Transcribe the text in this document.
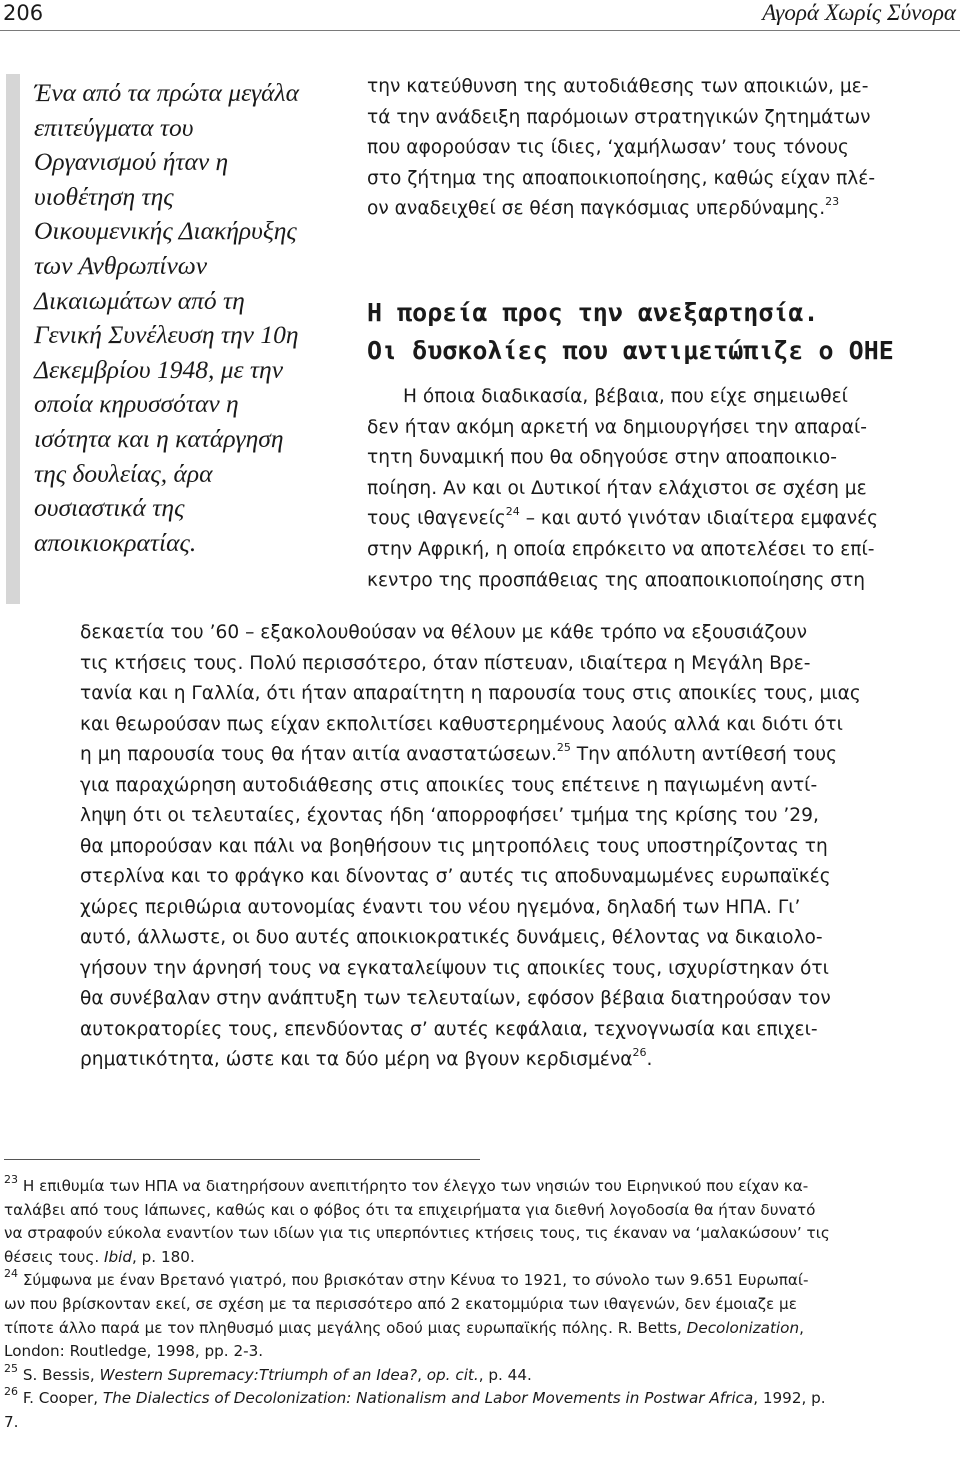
206	Αγορά Χωρίς Σύνορα
Ένα από τα πρώτα μεγάλα
επιτεύγματα του
Οργανισμού ήταν η
υιοθέτηση της
Οικουμενικής Διακήρυξης
των Ανθρωπίνων
Δικαιωμάτων από τη
Γενική Συνέλευση την 10η
Δεκεμβρίου 1948, με την
οποία κηρυσσόταν η
ισότητα και η κατάργηση
της δουλείας, άρα
ουσιαστικά της
αποικιοκρατίας.
την κατεύθυνση της αυτοδιάθεσης των αποικιών, με-
τά την ανάδειξη παρόμοιων στρατηγικών ζητημάτων
που αφορούσαν τις ίδιες, ‘χαμήλωσαν’ τους τόνους
στο ζήτημα της αποαποικιοποίησης, καθώς είχαν πλέ-
ον αναδειχθεί σε θέση παγκόσμιας υπερδύναμης.$^{23}$
Η πορεία προς την ανεξαρτησία.
Οι δυσκολίες που αντιμετώπιζε ο ΟΗΕ
Η όποια διαδικασία, βέβαια, που είχε σημειωθεί
δεν ήταν ακόμη αρκετή να δημιουργήσει την απαραί-
τητη δυναμική που θα οδηγούσε στην αποαποικιο-
ποίηση. Αν και οι Δυτικοί ήταν ελάχιστοι σε σχέση με
τους ιθαγενείς$^{24}$ – και αυτό γινόταν ιδιαίτερα εμφανές
στην Αφρική, η οποία επρόκειτο να αποτελέσει το επί-
κεντρο της προσπάθειας της αποαποικιοποίησης στη
δεκαετία του ’60 – εξακολουθούσαν να θέλουν με κάθε τρόπο να εξουσιάζουν
τις κτήσεις τους. Πολύ περισσότερο, όταν πίστευαν, ιδιαίτερα η Μεγάλη Βρε-
τανία και η Γαλλία, ότι ήταν απαραίτητη η παρουσία τους στις αποικίες τους, μιας
και θεωρούσαν πως είχαν εκπολιτίσει καθυστερημένους λαούς αλλά και διότι ότι
η μη παρουσία τους θα ήταν αιτία αναστατώσεων.$^{25}$ Την απόλυτη αντίθεσή τους
για παραχώρηση αυτοδιάθεσης στις αποικίες τους επέτεινε η παγιωμένη αντί-
ληψη ότι οι τελευταίες, έχοντας ήδη ‘απορροφήσει’ τμήμα της κρίσης του ’29,
θα μπορούσαν και πάλι να βοηθήσουν τις μητροπόλεις τους υποστηρίζοντας τη
στερλίνα και το φράγκο και δίνοντας σ’ αυτές τις αποδυναμωμένες ευρωπαϊκές
χώρες περιθώρια αυτονομίας έναντι του νέου ηγεμόνα, δηλαδή των ΗΠΑ. Γι’
αυτό, άλλωστε, οι δυο αυτές αποικιοκρατικές δυνάμεις, θέλοντας να δικαιολο-
γήσουν την άρνησή τους να εγκαταλείψουν τις αποικίες τους, ισχυρίστηκαν ότι
θα συνέβαλαν στην ανάπτυξη των τελευταίων, εφόσον βέβαια διατηρούσαν τον
αυτοκρατορίες τους, επενδύοντας σ’ αυτές κεφάλαια, τεχνογνωσία και επιχει-
ρηματικότητα, ώστε και τα δύο μέρη να βγουν κερδισμένα$^{26}$.
$^{23}$ Η επιθυμία των ΗΠΑ να διατηρήσουν ανεπιτήρητο τον έλεγχο των νησιών του Ειρηνικού που είχαν κα-
ταλάβει από τους Ιάπωνες, καθώς και ο φόβος ότι τα επιχειρήματα για διεθνή λογοδοσία θα ήταν δυνατό
να στραφούν εύκολα εναντίον των ιδίων για τις υπερπόντιες κτήσεις τους, τις έκαναν να ‘μαλακώσουν’ τις
θέσεις τους. Ibid, p. 180.
$^{24}$ Σύμφωνα με έναν Βρετανό γιατρό, που βρισκόταν στην Κένυα το 1921, το σύνολο των 9.651 Ευρωπαί-
ων που βρίσκονταν εκεί, σε σχέση με τα περισσότερο από 2 εκατομμύρια των ιθαγενών, δεν έμοιαζε με
τίποτε άλλο παρά με τον πληθυσμό μιας μεγάλης οδού μιας ευρωπαϊκής πόλης. R. Betts, Decolonization,
London: Routledge, 1998, pp. 2-3.
$^{25}$ S. Bessis, Western Supremacy:Ttriumph of an Idea?, op. cit., p. 44.
$^{26}$ F. Cooper, The Dialectics of Decolonization: Nationalism and Labor Movements in Postwar Africa, 1992, p.
7.
